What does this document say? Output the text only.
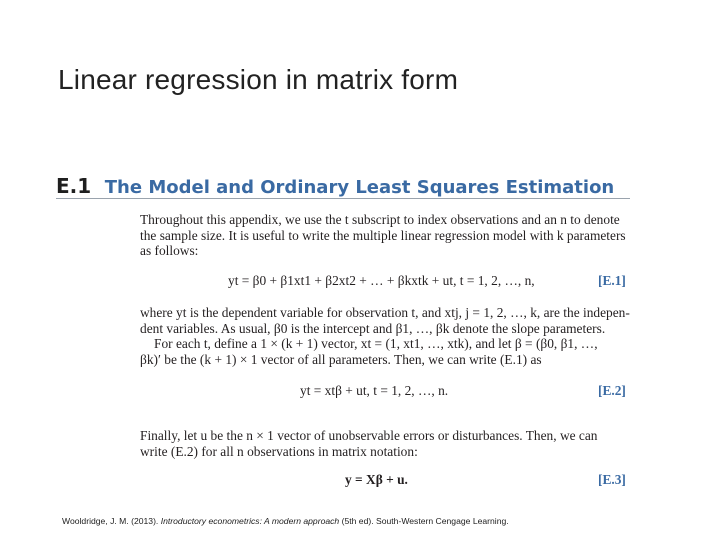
Linear regression in matrix form
E.1 The Model and Ordinary Least Squares Estimation
Throughout this appendix, we use the t subscript to index observations and an n to denote
the sample size. It is useful to write the multiple linear regression model with k parameters
as follows:
yt = β0 + β1xt1 + β2xt2 + … + βkxtk + ut, t = 1, 2, …, n,	[E.1]
where yt is the dependent variable for observation t, and xtj, j = 1, 2, …, k, are the indepen-
dent variables. As usual, β0 is the intercept and β1, …, βk denote the slope parameters.
For each t, define a 1 × (k + 1) vector, xt = (1, xt1, …, xtk), and let β = (β0, β1, …,
βk)′ be the (k + 1) × 1 vector of all parameters. Then, we can write (E.1) as
yt = xtβ + ut, t = 1, 2, …, n.	[E.2]
Finally, let u be the n × 1 vector of unobservable errors or disturbances. Then, we can
write (E.2) for all n observations in matrix notation:
y = Xβ + u.	[E.3]
Wooldridge, J. M. (2013). Introductory econometrics: A modern approach (5th ed). South-Western Cengage Learning.
